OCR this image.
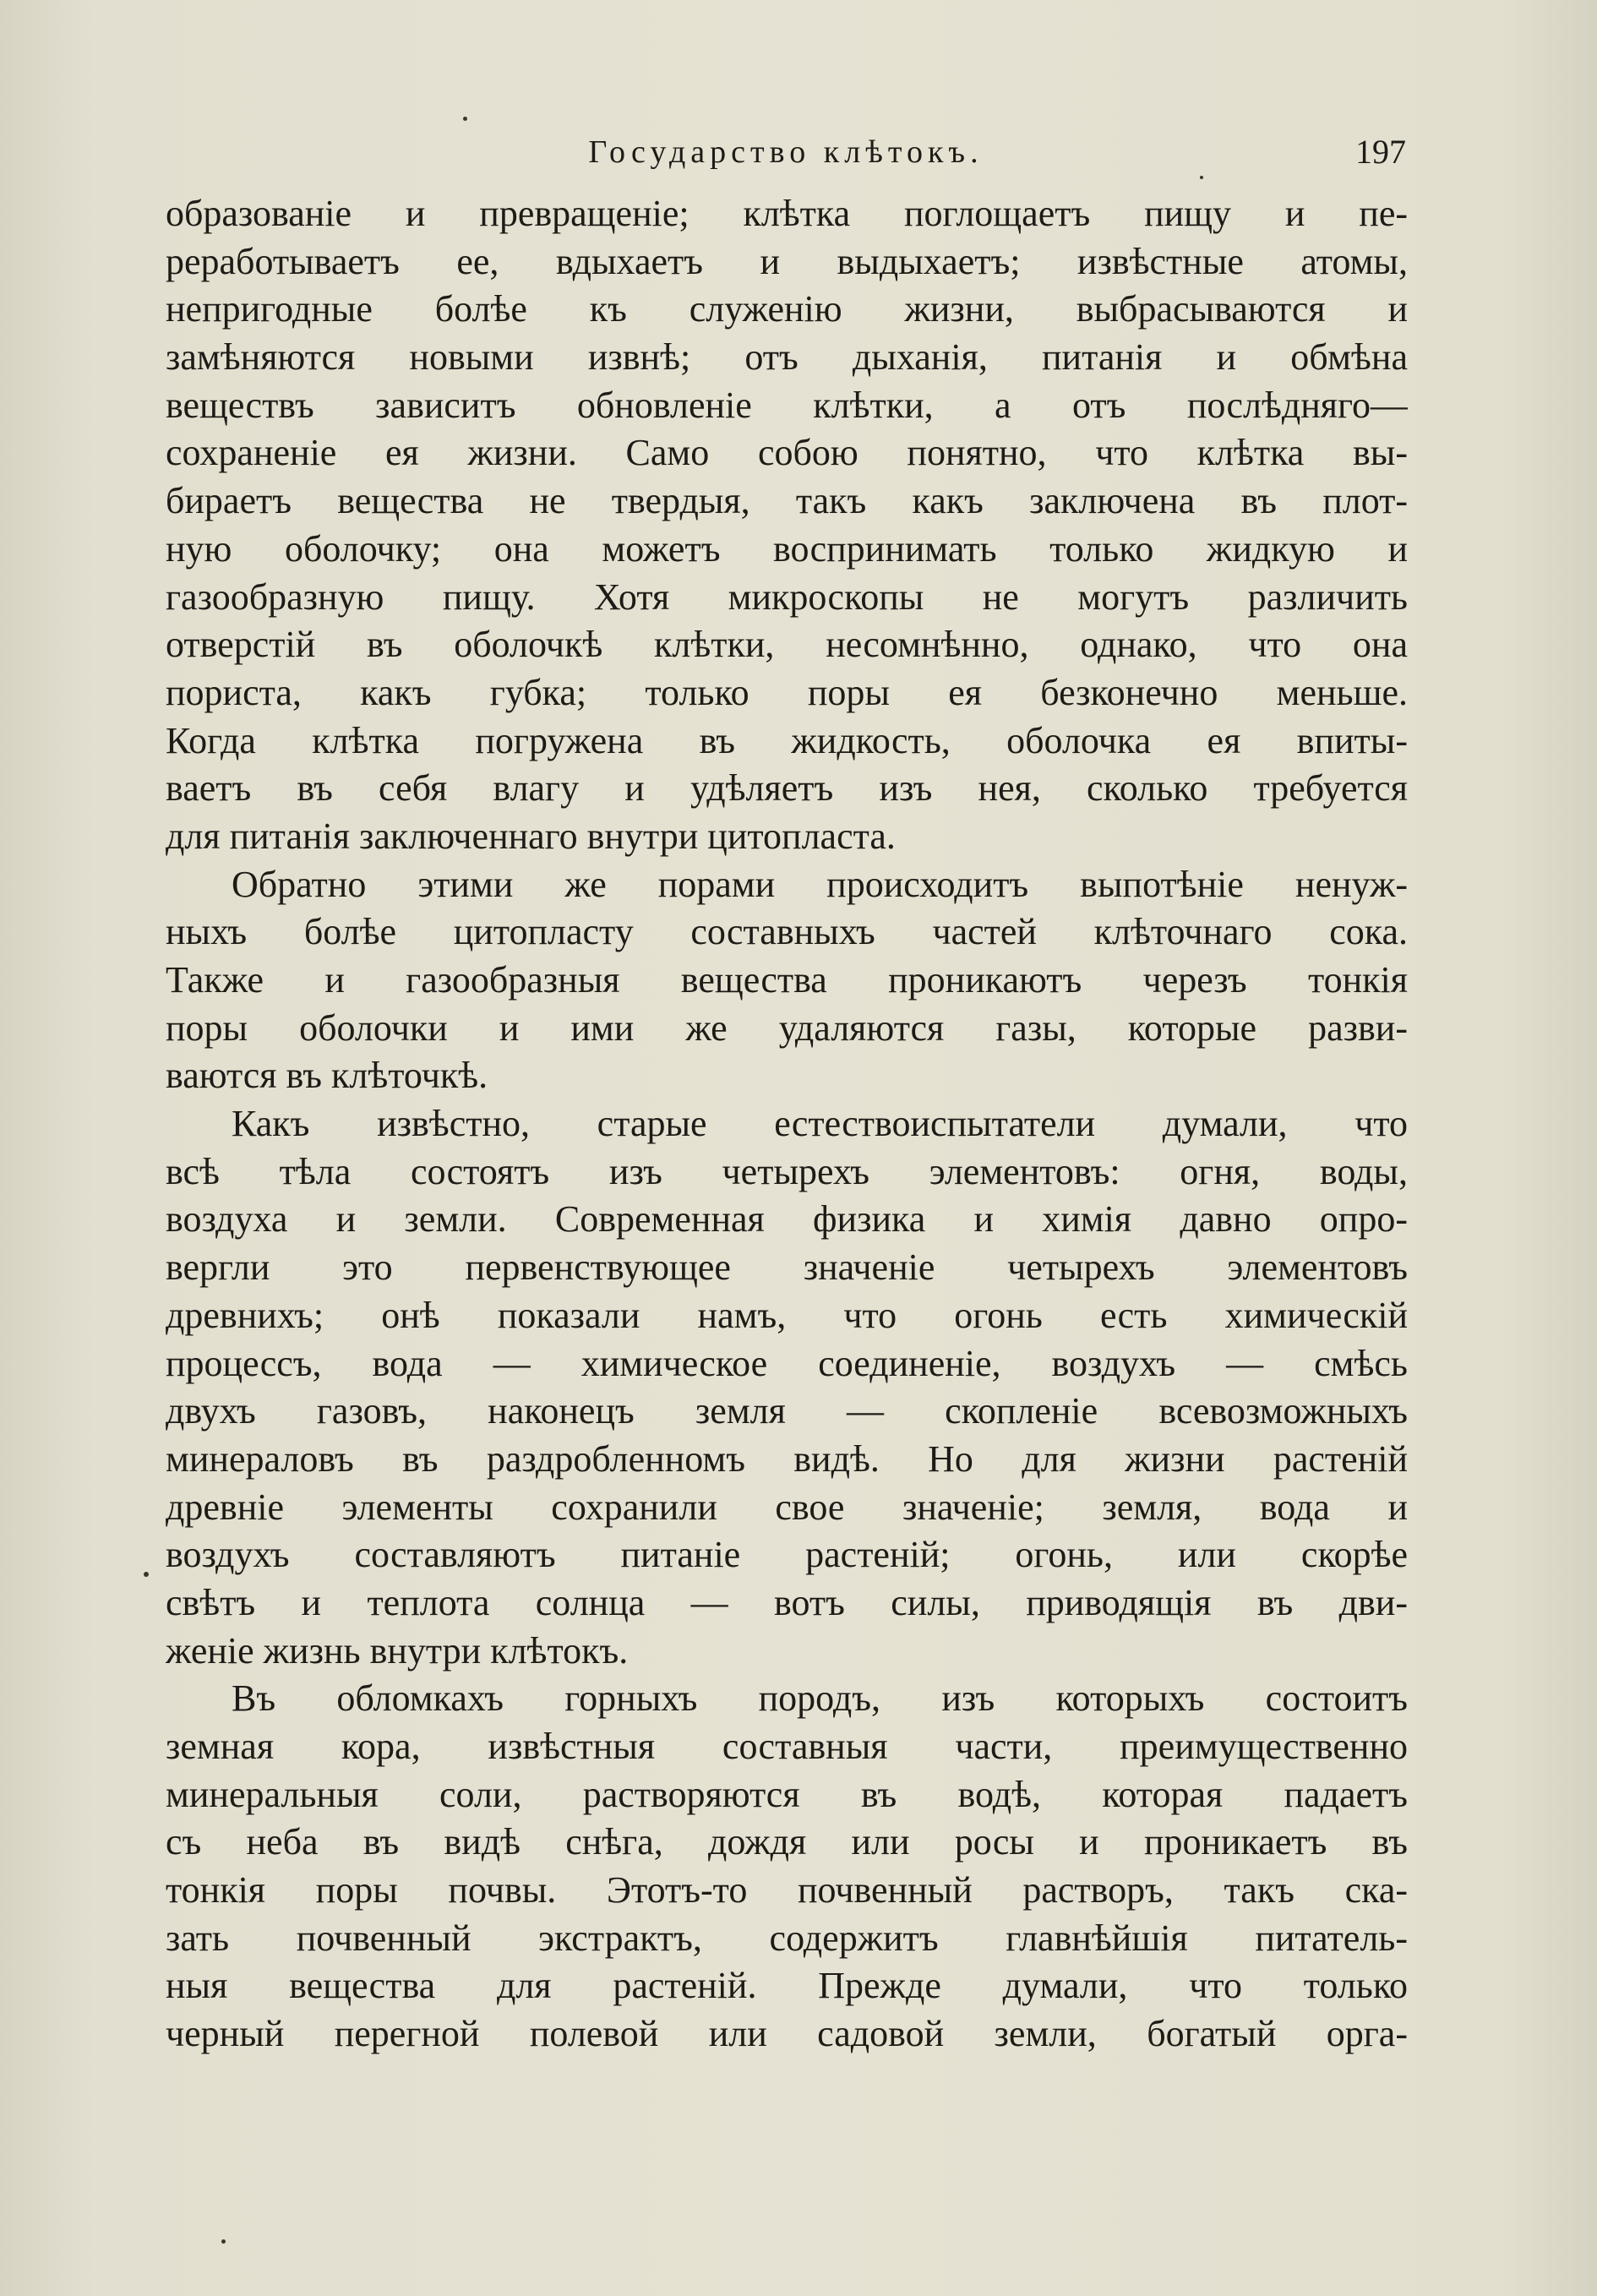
Государство клѣтокъ.	197
образованіе и превращеніе; клѣтка поглощаетъ пищу и пе-
реработываетъ ее, вдыхаетъ и выдыхаетъ; извѣстные атомы,
непригодные болѣе къ служенію жизни, выбрасываются и
замѣняются новыми извнѣ; отъ дыханія, питанія и обмѣна
веществъ зависитъ обновленіе клѣтки, а отъ послѣдняго—
сохраненіе ея жизни. Само собою понятно, что клѣтка вы-
бираетъ вещества не твердыя, такъ какъ заключена въ плот-
ную оболочку; она можетъ воспринимать только жидкую и
газообразную пищу. Хотя микроскопы не могутъ различить
отверстій въ оболочкѣ клѣтки, несомнѣнно, однако, что она
пориста, какъ губка; только поры ея безконечно меньше.
Когда клѣтка погружена въ жидкость, оболочка ея впиты-
ваетъ въ себя влагу и удѣляетъ изъ нея, сколько требуется
для питанія заключеннаго внутри цитопласта.
Обратно этими же порами происходитъ выпотѣніе ненуж-
ныхъ болѣе цитопласту составныхъ частей клѣточнаго сока.
Также и газообразныя вещества проникаютъ черезъ тонкія
поры оболочки и ими же удаляются газы, которые разви-
ваются въ клѣточкѣ.
Какъ извѣстно, старые естествоиспытатели думали, что
всѣ тѣла состоятъ изъ четырехъ элементовъ: огня, воды,
воздуха и земли. Современная физика и химія давно опро-
вергли это первенствующее значеніе четырехъ элементовъ
древнихъ; онѣ показали намъ, что огонь есть химическій
процессъ, вода — химическое соединеніе, воздухъ — смѣсь
двухъ газовъ, наконецъ земля — скопленіе всевозможныхъ
минераловъ въ раздробленномъ видѣ. Но для жизни растеній
древніе элементы сохранили свое значеніе; земля, вода и
воздухъ составляютъ питаніе растеній; огонь, или скорѣе
свѣтъ и теплота солнца — вотъ силы, приводящія въ дви-
женіе жизнь внутри клѣтокъ.
Въ обломкахъ горныхъ породъ, изъ которыхъ состоитъ
земная кора, извѣстныя составныя части, преимущественно
минеральныя соли, растворяются въ водѣ, которая падаетъ
съ неба въ видѣ снѣга, дождя или росы и проникаетъ въ
тонкія поры почвы. Этотъ-то почвенный растворъ, такъ ска-
зать почвенный экстрактъ, содержитъ главнѣйшія питатель-
ныя вещества для растеній. Прежде думали, что только
черный перегной полевой или садовой земли, богатый орга-
